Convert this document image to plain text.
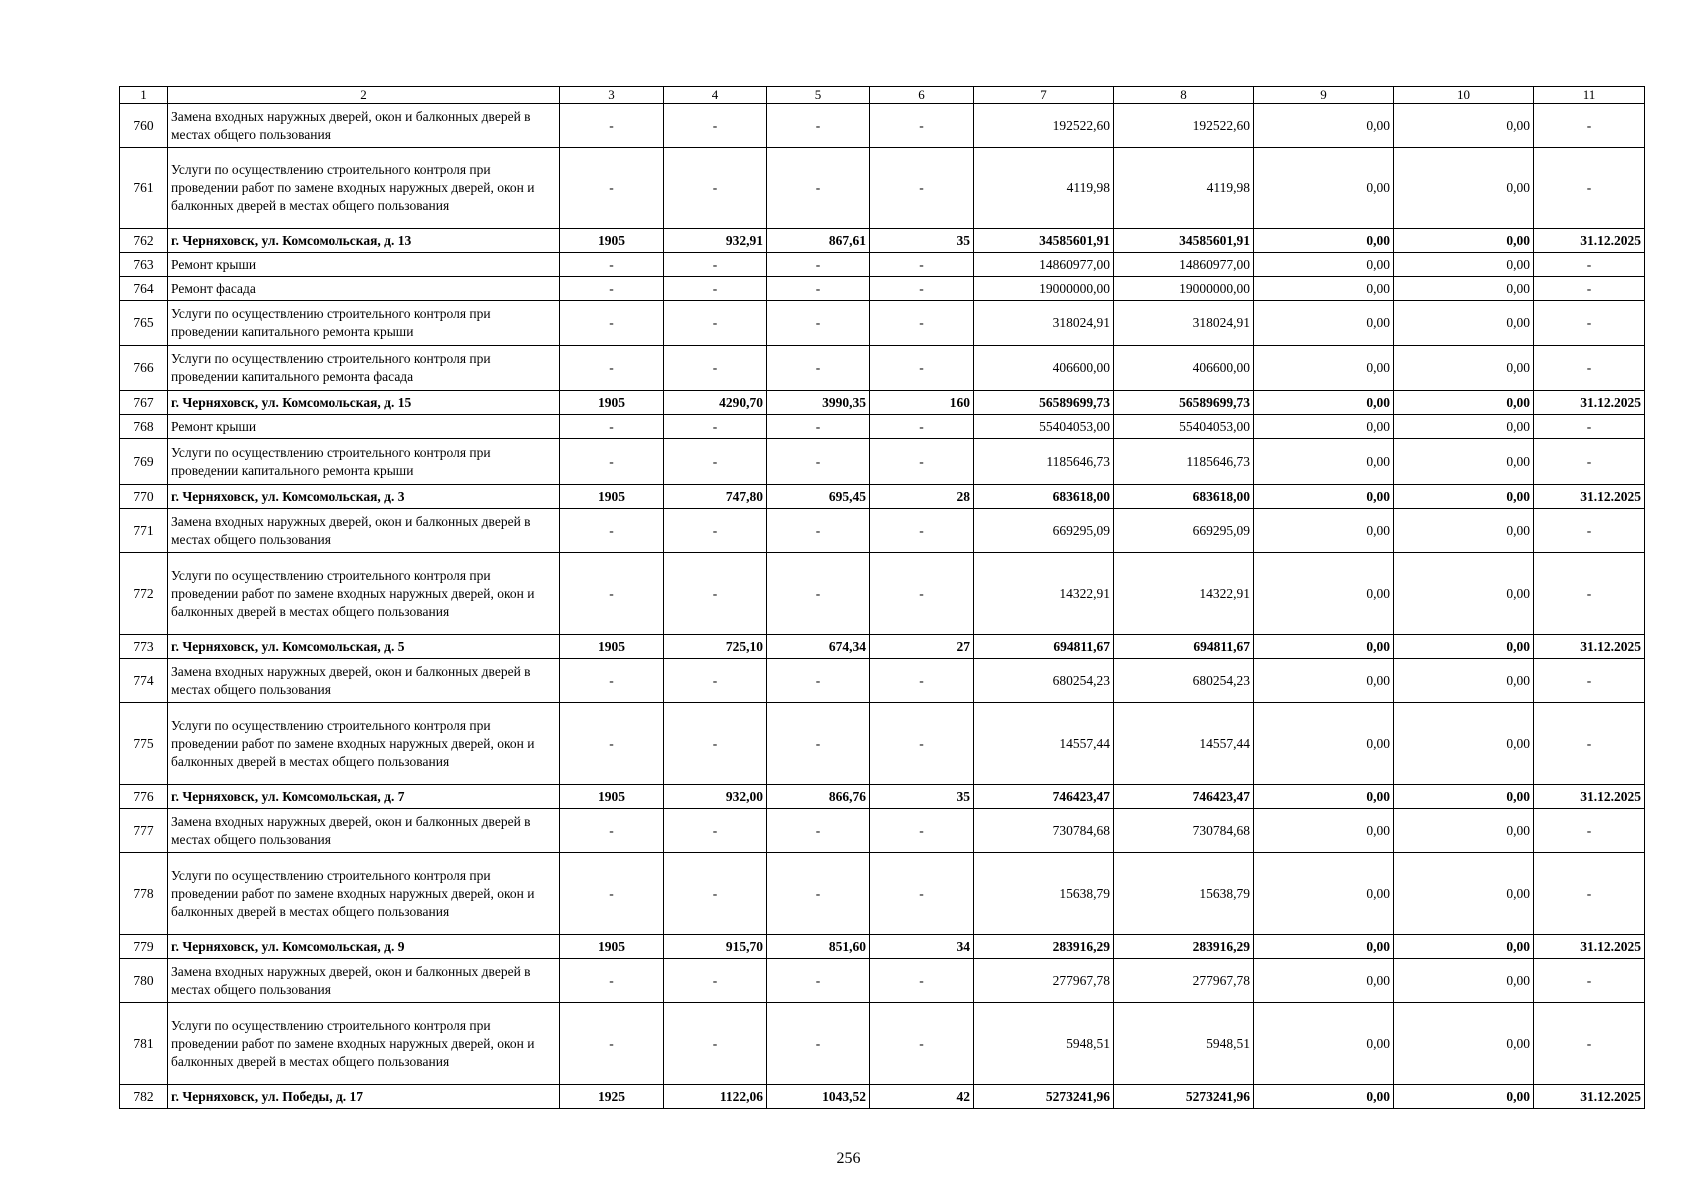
1	2	3	4	5	6	7	8	9	10	11
760	Замена входных наружных дверей, окон и балконных дверей в местах общего пользования	-	-	-	-	192522,60	192522,60	0,00	0,00	-
761	Услуги по осуществлению строительного контроля при проведении работ по замене входных наружных дверей, окон и балконных дверей в местах общего пользования	-	-	-	-	4119,98	4119,98	0,00	0,00	-
762	г. Черняховск, ул. Комсомольская, д. 13	1905	932,91	867,61	35	34585601,91	34585601,91	0,00	0,00	31.12.2025
763	Ремонт крыши	-	-	-	-	14860977,00	14860977,00	0,00	0,00	-
764	Ремонт фасада	-	-	-	-	19000000,00	19000000,00	0,00	0,00	-
765	Услуги по осуществлению строительного контроля при проведении капитального ремонта крыши	-	-	-	-	318024,91	318024,91	0,00	0,00	-
766	Услуги по осуществлению строительного контроля при проведении капитального ремонта фасада	-	-	-	-	406600,00	406600,00	0,00	0,00	-
767	г. Черняховск, ул. Комсомольская, д. 15	1905	4290,70	3990,35	160	56589699,73	56589699,73	0,00	0,00	31.12.2025
768	Ремонт крыши	-	-	-	-	55404053,00	55404053,00	0,00	0,00	-
769	Услуги по осуществлению строительного контроля при проведении капитального ремонта крыши	-	-	-	-	1185646,73	1185646,73	0,00	0,00	-
770	г. Черняховск, ул. Комсомольская, д. 3	1905	747,80	695,45	28	683618,00	683618,00	0,00	0,00	31.12.2025
771	Замена входных наружных дверей, окон и балконных дверей в местах общего пользования	-	-	-	-	669295,09	669295,09	0,00	0,00	-
772	Услуги по осуществлению строительного контроля при проведении работ по замене входных наружных дверей, окон и балконных дверей в местах общего пользования	-	-	-	-	14322,91	14322,91	0,00	0,00	-
773	г. Черняховск, ул. Комсомольская, д. 5	1905	725,10	674,34	27	694811,67	694811,67	0,00	0,00	31.12.2025
774	Замена входных наружных дверей, окон и балконных дверей в местах общего пользования	-	-	-	-	680254,23	680254,23	0,00	0,00	-
775	Услуги по осуществлению строительного контроля при проведении работ по замене входных наружных дверей, окон и балконных дверей в местах общего пользования	-	-	-	-	14557,44	14557,44	0,00	0,00	-
776	г. Черняховск, ул. Комсомольская, д. 7	1905	932,00	866,76	35	746423,47	746423,47	0,00	0,00	31.12.2025
777	Замена входных наружных дверей, окон и балконных дверей в местах общего пользования	-	-	-	-	730784,68	730784,68	0,00	0,00	-
778	Услуги по осуществлению строительного контроля при проведении работ по замене входных наружных дверей, окон и балконных дверей в местах общего пользования	-	-	-	-	15638,79	15638,79	0,00	0,00	-
779	г. Черняховск, ул. Комсомольская, д. 9	1905	915,70	851,60	34	283916,29	283916,29	0,00	0,00	31.12.2025
780	Замена входных наружных дверей, окон и балконных дверей в местах общего пользования	-	-	-	-	277967,78	277967,78	0,00	0,00	-
781	Услуги по осуществлению строительного контроля при проведении работ по замене входных наружных дверей, окон и балконных дверей в местах общего пользования	-	-	-	-	5948,51	5948,51	0,00	0,00	-
782	г. Черняховск, ул. Победы, д. 17	1925	1122,06	1043,52	42	5273241,96	5273241,96	0,00	0,00	31.12.2025
256
